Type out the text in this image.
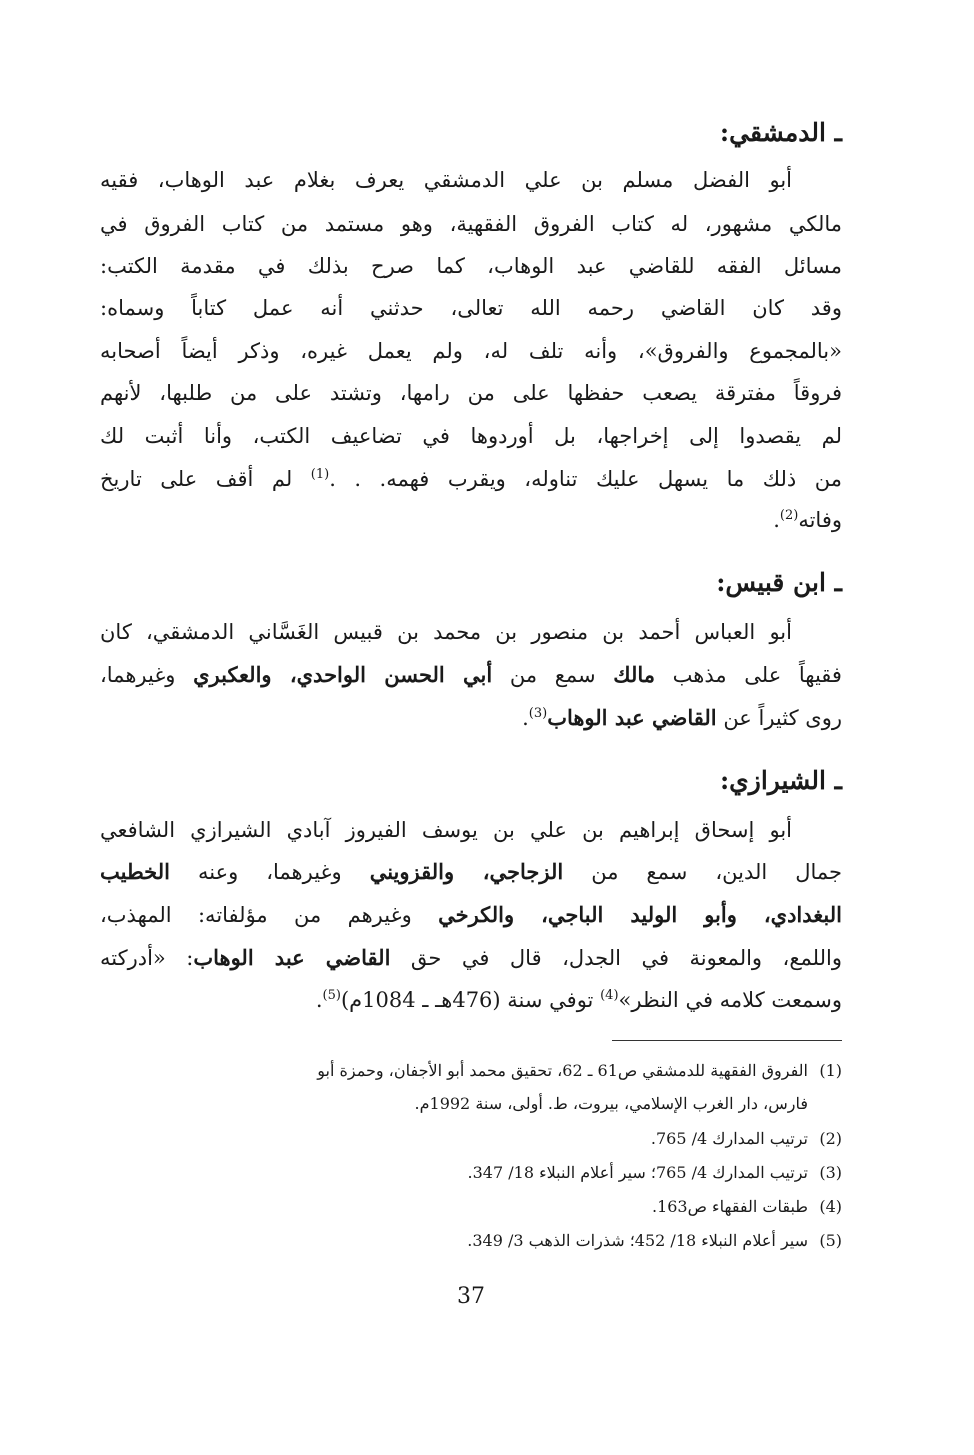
ـ الدمشقي:
أبو الفضل مسلم بن علي الدمشقي يعرف بغلام عبد الوهاب، فقيه
مالكي مشهور، له كتاب الفروق الفقهية، وهو مستمد من كتاب الفروق في
مسائل الفقه للقاضي عبد الوهاب، كما صرح بذلك في مقدمة الكتب:
وقد كان القاضي رحمه الله تعالى، حدثني أنه عمل كتاباً وسماه:
«بالمجموع والفروق»، وأنه تلف له، ولم يعمل غيره، وذكر أيضاً أصحابه
فروقاً مفترقة يصعب حفظها على من رامها، وتشتد على من طلبها، لأنهم
لم يقصدوا إلى إخراجها، بل أوردوها في تضاعيف الكتب، وأنا أثبت لك
من ذلك ما يسهل عليك تناوله، ويقرب فهمه. . .$^{(1)}$ لم أقف على تاريخ
وفاته$^{(2)}$.
ـ ابن قبيس:
أبو العباس أحمد بن منصور بن محمد بن قبيس الغَسَّاني الدمشقي، كان
فقيهاً على مذهب مالك سمع من أبي الحسن الواحدي، والعكبري وغيرهما،
روى كثيراً عن القاضي عبد الوهاب$^{(3)}$.
ـ الشيرازي:
أبو إسحاق إبراهيم بن علي بن يوسف الفيروز آبادي الشيرازي الشافعي
جمال الدين، سمع من الزجاجي، والقزويني وغيرهما، وعنه الخطيب
البغدادي، وأبو الوليد الباجي، والكرخي وغيرهم من مؤلفاته: المهذب،
واللمع، والمعونة في الجدل، قال في حق القاضي عبد الوهاب: «أدركته
وسمعت كلامه في النظر»$^{(4)}$ توفي سنة (476هـ ـ 1084م)$^{(5)}$.
(1)الفروق الفقهية للدمشقي ص61 ـ 62، تحقيق محمد أبو الأجفان، وحمزة أبو
فارس، دار الغرب الإسلامي، بيروت، ط. أولى، سنة 1992م.
(2)ترتيب المدارك 4/ 765.
(3)ترتيب المدارك 4/ 765؛ سير أعلام النبلاء 18/ 347.
(4)طبقات الفقهاء ص163.
(5)سير أعلام النبلاء 18/ 452؛ شذرات الذهب 3/ 349.
37
